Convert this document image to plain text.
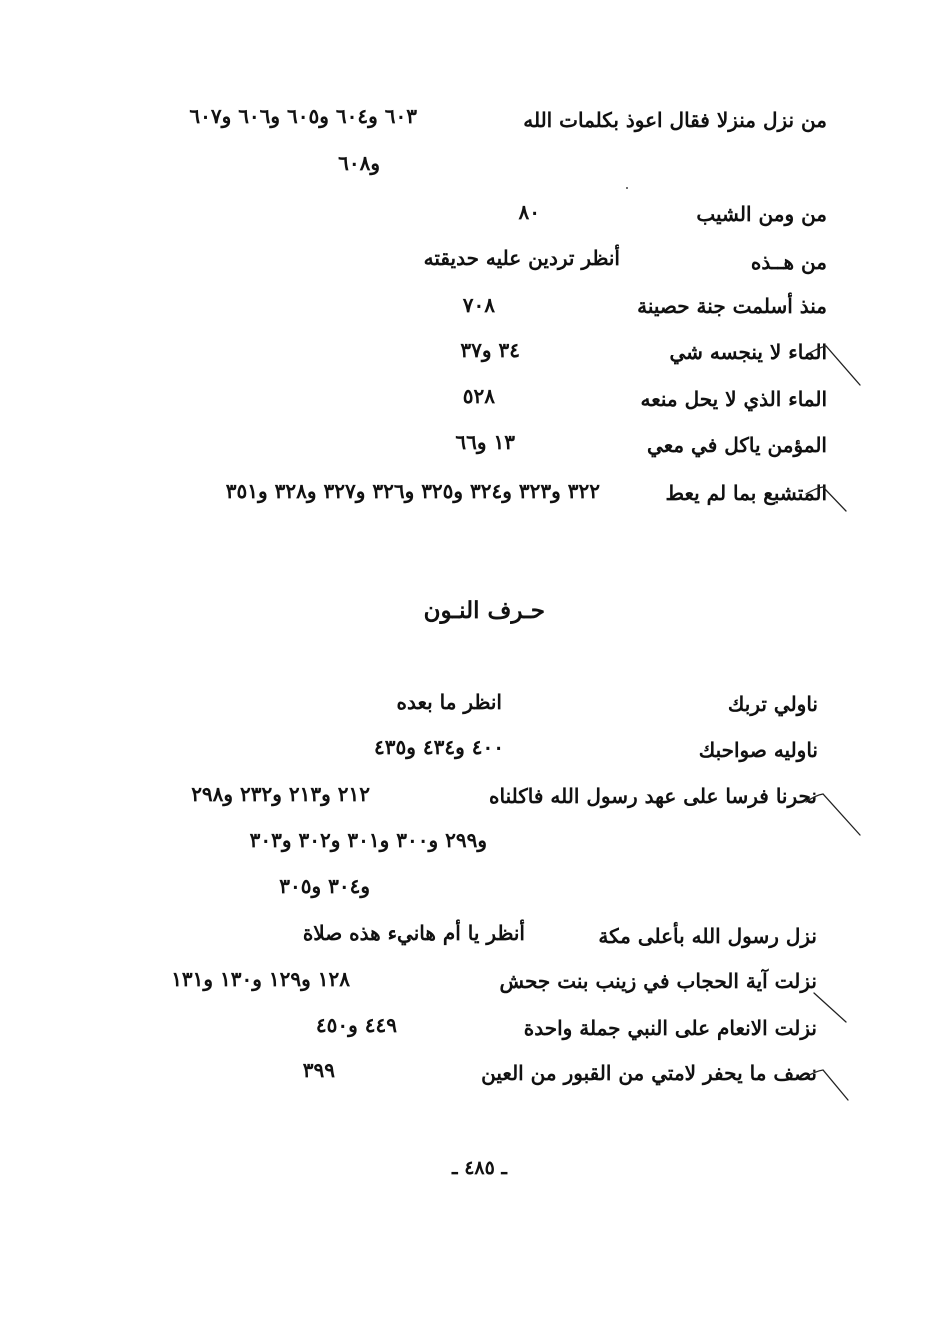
من نزل منزلا فقال اعوذ بكلمات الله
٦٠٣ و٦٠٤ و٦٠٥ و٦٠٦ و٦٠٧
و٦٠٨
من ومن الشيب
٨٠
من هــذه
أنظر تردين عليه حديقته
منذ أسلمت جنة حصينة
٧٠٨
الماء لا ينجسه شي
٣٤ و٣٧
الماء الذي لا يحل منعه
٥٢٨
المؤمن ياكل في معي
١٣ و٦٦
المتشبع بما لم يعط
٣٢٢ و٣٢٣ و٣٢٤ و٣٢٥ و٣٢٦ و٣٢٧ و٣٢٨ و٣٥١
حـرف النـون
ناولي تربك
انظر ما بعده
ناوليه صواحبك
٤٠٠ و٤٣٤ و٤٣٥
نحرنا فرسا على عهد رسول الله فاكلناه
٢١٢ و٢١٣ و٢٣٢ و٢٩٨
و٢٩٩ و٣٠٠ و٣٠١ و٣٠٢ و٣٠٣
و٣٠٤ و٣٠٥
نزل رسول الله بأعلى مكة
أنظر يا أم هانيء هذه صلاة
نزلت آية الحجاب في زينب بنت جحش
١٢٨ و١٢٩ و١٣٠ و١٣١
نزلت الانعام على النبي جملة واحدة
٤٤٩ و٤٥٠
نصف ما يحفر لامتي من القبور من العين
٣٩٩
ـ ٤٨٥ ـ
